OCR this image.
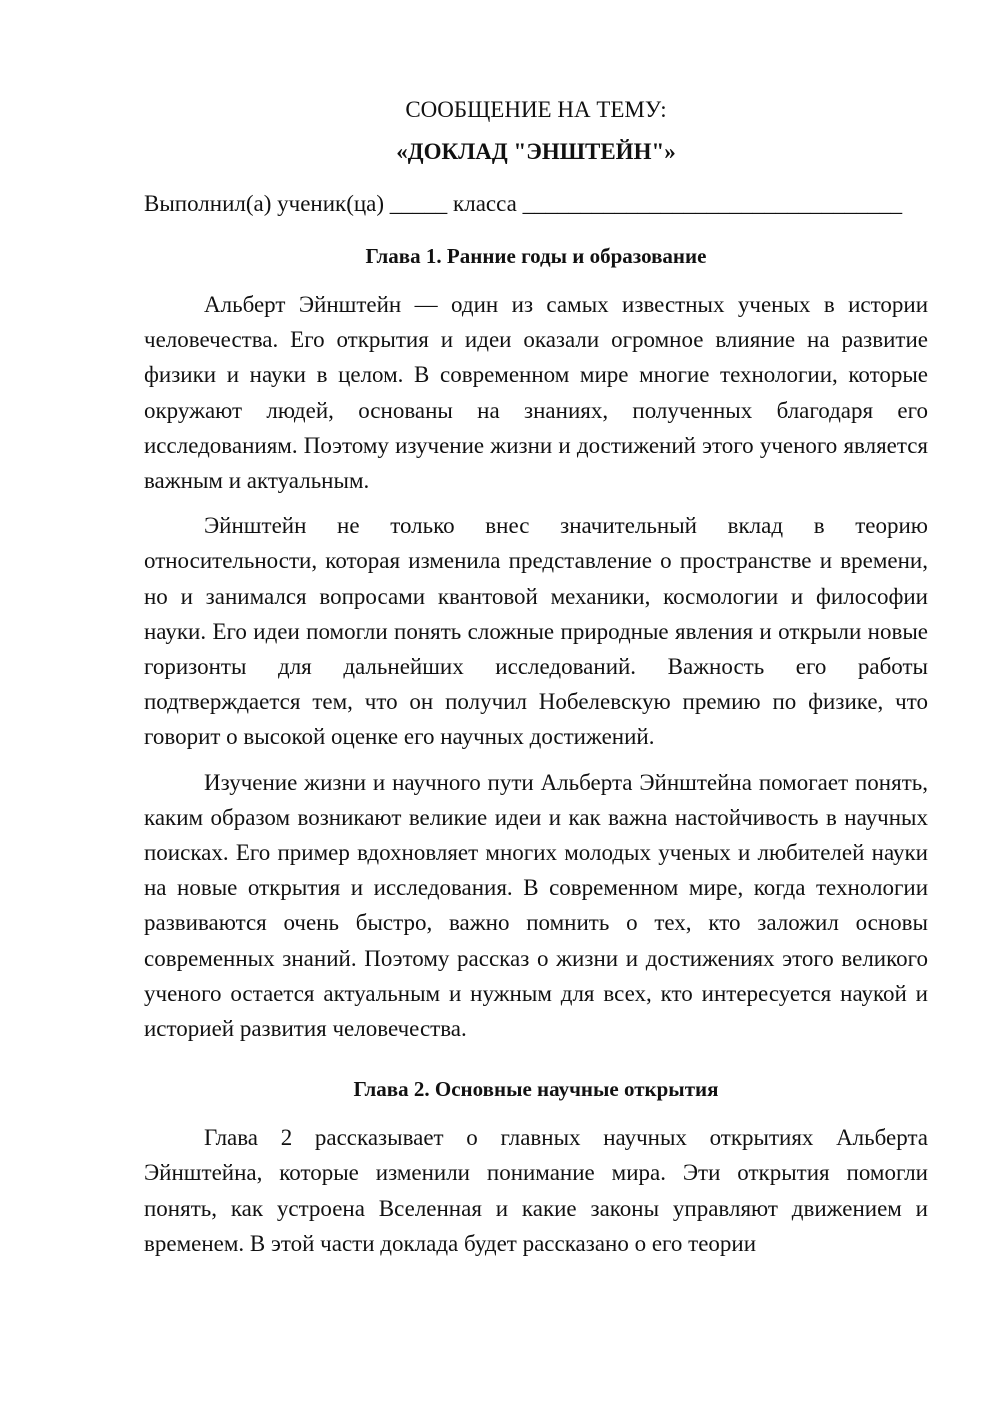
СООБЩЕНИЕ НА ТЕМУ:

«ДОКЛАД "ЭНШТЕЙН"»

Выполнил(а) ученик(ца) _____ класса _________________________________
Глава 1. Ранние годы и образование

Альберт Эйнштейн — один из самых известных ученых в истории человечества. Его открытия и идеи оказали огромное влияние на развитие физики и науки в целом. В современном мире многие технологии, которые окружают людей, основаны на знаниях, полученных благодаря его исследованиям. Поэтому изучение жизни и достижений этого ученого является важным и актуальным.

Эйнштейн не только внес значительный вклад в теорию относительности, которая изменила представление о пространстве и времени, но и занимался вопросами квантовой механики, космологии и философии науки. Его идеи помогли понять сложные природные явления и открыли новые горизонты для дальнейших исследований. Важность его работы подтверждается тем, что он получил Нобелевскую премию по физике, что говорит о высокой оценке его научных достижений.

Изучение жизни и научного пути Альберта Эйнштейна помогает понять, каким образом возникают великие идеи и как важна настойчивость в научных поисках. Его пример вдохновляет многих молодых ученых и любителей науки на новые открытия и исследования. В современном мире, когда технологии развиваются очень быстро, важно помнить о тех, кто заложил основы современных знаний. Поэтому рассказ о жизни и достижениях этого великого ученого остается актуальным и нужным для всех, кто интересуется наукой и историей развития человечества.

Глава 2. Основные научные открытия

Глава 2 рассказывает о главных научных открытиях Альберта Эйнштейна, которые изменили понимание мира. Эти открытия помогли понять, как устроена Вселенная и какие законы управляют движением и временем. В этой части доклада будет рассказано о его теории
